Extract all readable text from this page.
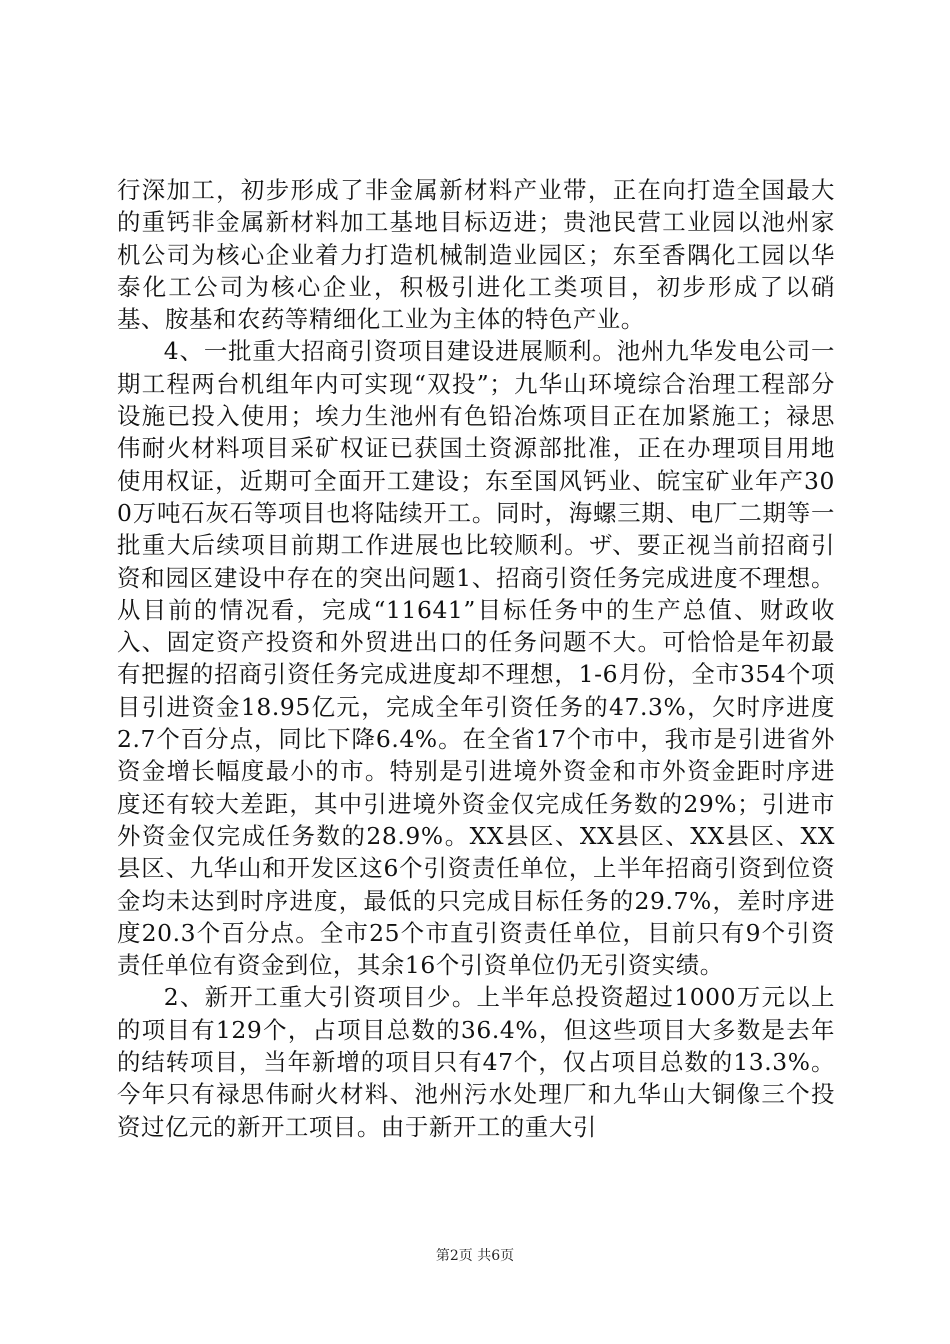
行深加工，初步形成了非金属新材料产业带，正在向打造全国最大的重钙非金属新材料加工基地目标迈进；贵池民营工业园以池州家机公司为核心企业着力打造机械制造业园区；东至香隅化工园以华泰化工公司为核心企业，积极引进化工类项目，初步形成了以硝基、胺基和农药等精细化工业为主体的特色产业。

4、一批重大招商引资项目建设进展顺利。池州九华发电公司一期工程两台机组年内可实现“双投”；九华山环境综合治理工程部分设施已投入使用；埃力生池州有色铅冶炼项目正在加紧施工；禄思伟耐火材料项目采矿权证已获国土资源部批准，正在办理项目用地使用权证，近期可全面开工建设；东至国风钙业、皖宝矿业年产300万吨石灰石等项目也将陆续开工。同时，海螺三期、电厂二期等一批重大后续项目前期工作进展也比较顺利。ザ、要正视当前招商引资和园区建设中存在的突出问题1、招商引资任务完成进度不理想。从目前的情况看，完成“11641”目标任务中的生产总值、财政收入、固定资产投资和外贸进出口的任务问题不大。可恰恰是年初最有把握的招商引资任务完成进度却不理想，1-6月份，全市354个项目引进资金18.95亿元，完成全年引资任务的47.3%，欠时序进度2.7个百分点，同比下降6.4%。在全省17个市中，我市是引进省外资金增长幅度最小的市。特别是引进境外资金和市外资金距时序进度还有较大差距，其中引进境外资金仅完成任务数的29%；引进市外资金仅完成任务数的28.9%。XX县区、XX县区、XX县区、XX县区、九华山和开发区这6个引资责任单位，上半年招商引资到位资金均未达到时序进度，最低的只完成目标任务的29.7%，差时序进度20.3个百分点。全市25个市直引资责任单位，目前只有9个引资责任单位有资金到位，其余16个引资单位仍无引资实绩。

2、新开工重大引资项目少。上半年总投资超过1000万元以上的项目有129个，占项目总数的36.4%，但这些项目大多数是去年的结转项目，当年新增的项目只有47个，仅占项目总数的13.3%。今年只有禄思伟耐火材料、池州污水处理厂和九华山大铜像三个投资过亿元的新开工项目。由于新开工的重大引

第2页 共6页
